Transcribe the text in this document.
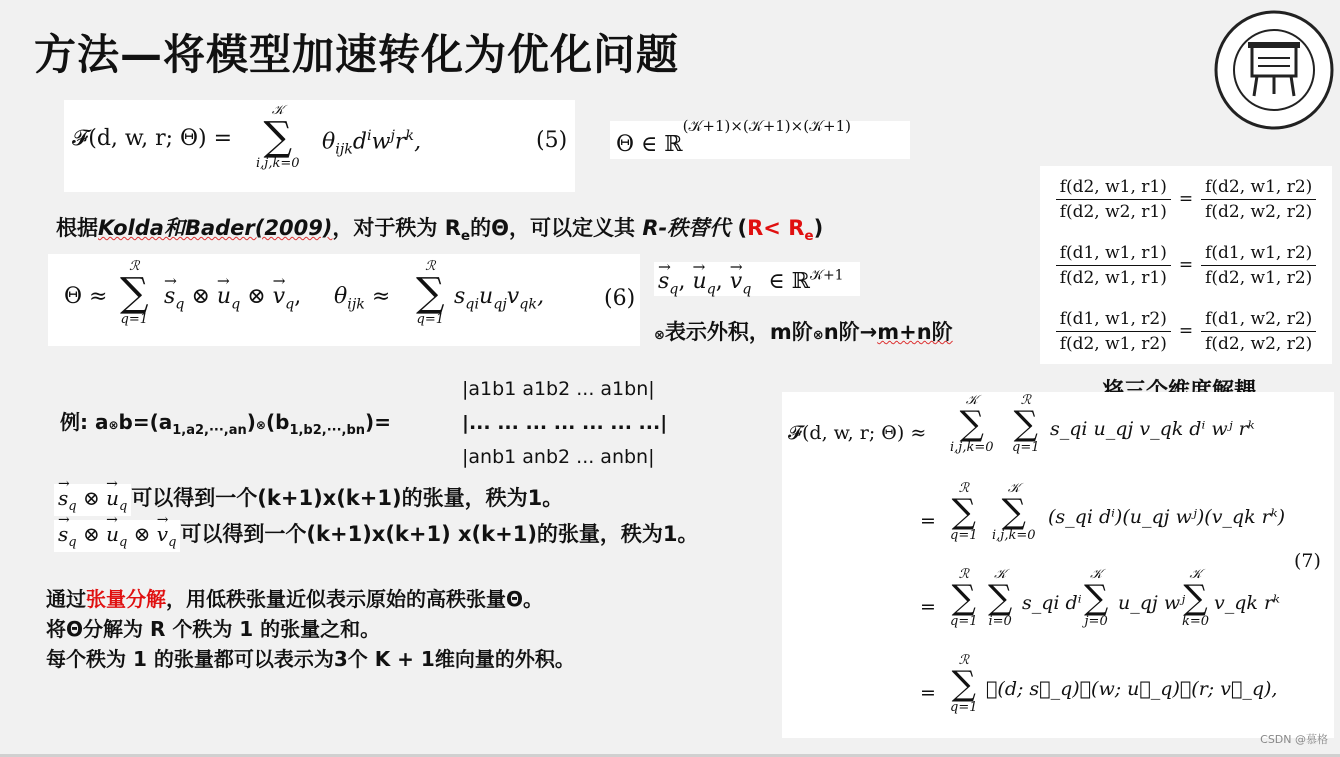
方法—将模型加速转化为优化问题
𝓕(d, w, r; Θ) =
𝒦
∑
i,j,k=0
$\theta_{ijk}d^iw^jr^k$,	(5) Θ ∈ ℝ$^{(𝒦+1)\times(𝒦+1)\times(𝒦+1)}$
根据Kolda和Bader(2009)，对于秩为 $R_e$的Θ，可以定义其 R-秩替代 $(R< R_e)$
Θ ≈
ℛ
∑
q=1
→ $s_q$ ⊗ → $u_q$ ⊗ → $v_q$, $\theta_{ijk}$ ≈
ℛ
∑
q=1
$s_{qi}u_{qj}v_{qk}$,	(6)
→ $s_q$, → $u_q$, → $v_q$ ∈ ℝ$^{𝒦+1}$
⊗表示外积，m阶⊗n阶→m+n阶
例: $a\otimes b=(a_{1,a2,\cdot\cdot\cdot,an})\otimes(b_{1,b2,\cdot\cdot\cdot,bn})=$
|a1b1 a1b2 ... a1bn|
|... ... ... ... ... ... ...|
|anb1 anb2 ... anbn|
→ $s_q$ ⊗ → $u_q$ 可以得到一个(k+1)x(k+1)的张量，秩为1。
→ $s_q$ ⊗ → $u_q$ ⊗ → $v_q$ 可以得到一个(k+1)x(k+1) x(k+1)的张量，秩为1。
通过张量分解，用低秩张量近似表示原始的高秩张量Θ。
将Θ分解为 R 个秩为 1 的张量之和。
每个秩为 1 的张量都可以表示为3个 K + 1维向量的外积。
$\frac{f(d2, w1, r1)}{f(d2, w2, r1)} = \frac{f(d2, w1, r2)}{f(d2, w2, r2)}$
$\frac{f(d1, w1, r1)}{f(d2, w1, r1)} = \frac{f(d1, w1, r2)}{f(d2, w1, r2)}$
$\frac{f(d1, w1, r2)}{f(d2, w1, r2)} = \frac{f(d1, w2, r2)}{f(d2, w2, r2)}$
𝓕(d, w, r; Θ) ≈
𝒦
∑
i,j,k=0
ℛ
∑
q=1
s_qi u_qj v_qk dⁱ wʲ rᵏ
=
ℛ
∑
q=1
𝒦
∑
i,j,k=0
(s_qi dⁱ)(u_qj wʲ)(v_qk rᵏ)
(7)
=
ℛ
∑
q=1
𝒦
∑
i=0
s_qi dⁱ
𝒦
∑
j=0
u_qj wʲ
𝒦
∑
k=0
v_qk rᵏ
=
ℛ
∑
q=1
𝓗(d; s⃗_q)𝓗(w; u⃗_q)𝓗(r; v⃗_q),
CSDN @慕格
